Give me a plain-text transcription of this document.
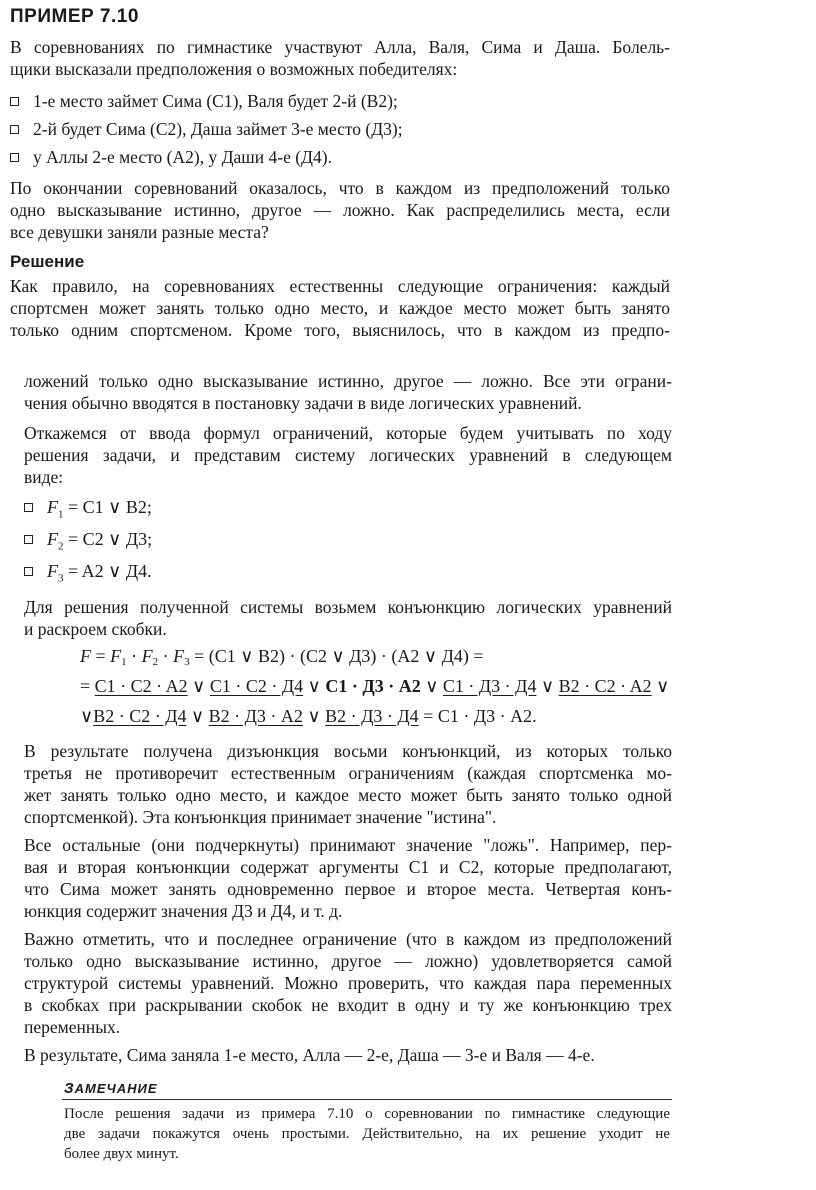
ПРИМЕР 7.10
В соревнованиях по гимнастике участвуют Алла, Валя, Сима и Даша. Болель-
щики высказали предположения о возможных победителях:
1-е место займет Сима (С1), Валя будет 2-й (В2);
2-й будет Сима (С2), Даша займет 3-е место (Д3);
у Аллы 2-е место (А2), у Даши 4-е (Д4).
По окончании соревнований оказалось, что в каждом из предположений только
одно высказывание истинно, другое — ложно. Как распределились места, если
все девушки заняли разные места?
Решение
Как правило, на соревнованиях естественны следующие ограничения: каждый
спортсмен может занять только одно место, и каждое место может быть занято
только одним спортсменом. Кроме того, выяснилось, что в каждом из предпо-
ложений только одно высказывание истинно, другое — ложно. Все эти ограни-
чения обычно вводятся в постановку задачи в виде логических уравнений.
Откажемся от ввода формул ограничений, которые будем учитывать по ходу
решения задачи, и представим систему логических уравнений в следующем
виде:
$F_1 = C1$ ∨ B2;
$F_2 = C2$ ∨ Д3;
$F_3 = A2$ ∨ Д4.
Для решения полученной системы возьмем конъюнкцию логических уравнений
и раскроем скобки.
$F = F_1 \cdot F_2 \cdot F_3 = (C1$ ∨ B2) · (C2 ∨ Д3) · (A2 ∨ Д4) =
= C1 · C2 · A2 ∨ C1 · C2 · Д4 ∨ C1 · Д3 · A2 ∨ C1 · Д3 · Д4 ∨ B2 · C2 · A2 ∨
∨B2 · C2 · Д4 ∨ B2 · Д3 · A2 ∨ B2 · Д3 · Д4 = C1 · Д3 · A2.
В результате получена дизъюнкция восьми конъюнкций, из которых только
третья не противоречит естественным ограничениям (каждая спортсменка мо-
жет занять только одно место, и каждое место может быть занято только одной
спортсменкой). Эта конъюнкция принимает значение "истина".
Все остальные (они подчеркнуты) принимают значение "ложь". Например, пер-
вая и вторая конъюнкции содержат аргументы С1 и С2, которые предполагают,
что Сима может занять одновременно первое и второе места. Четвертая конъ-
юнкция содержит значения Д3 и Д4, и т. д.
Важно отметить, что и последнее ограничение (что в каждом из предположений
только одно высказывание истинно, другое — ложно) удовлетворяется самой
структурой системы уравнений. Можно проверить, что каждая пара переменных
в скобках при раскрывании скобок не входит в одну и ту же конъюнкцию трех
переменных.
В результате, Сима заняла 1-е место, Алла — 2-е, Даша — 3-е и Валя — 4-е.
ЗАМЕЧАНИЕ
После решения задачи из примера 7.10 о соревновании по гимнастике следующие
две задачи покажутся очень простыми. Действительно, на их решение уходит не
более двух минут.
